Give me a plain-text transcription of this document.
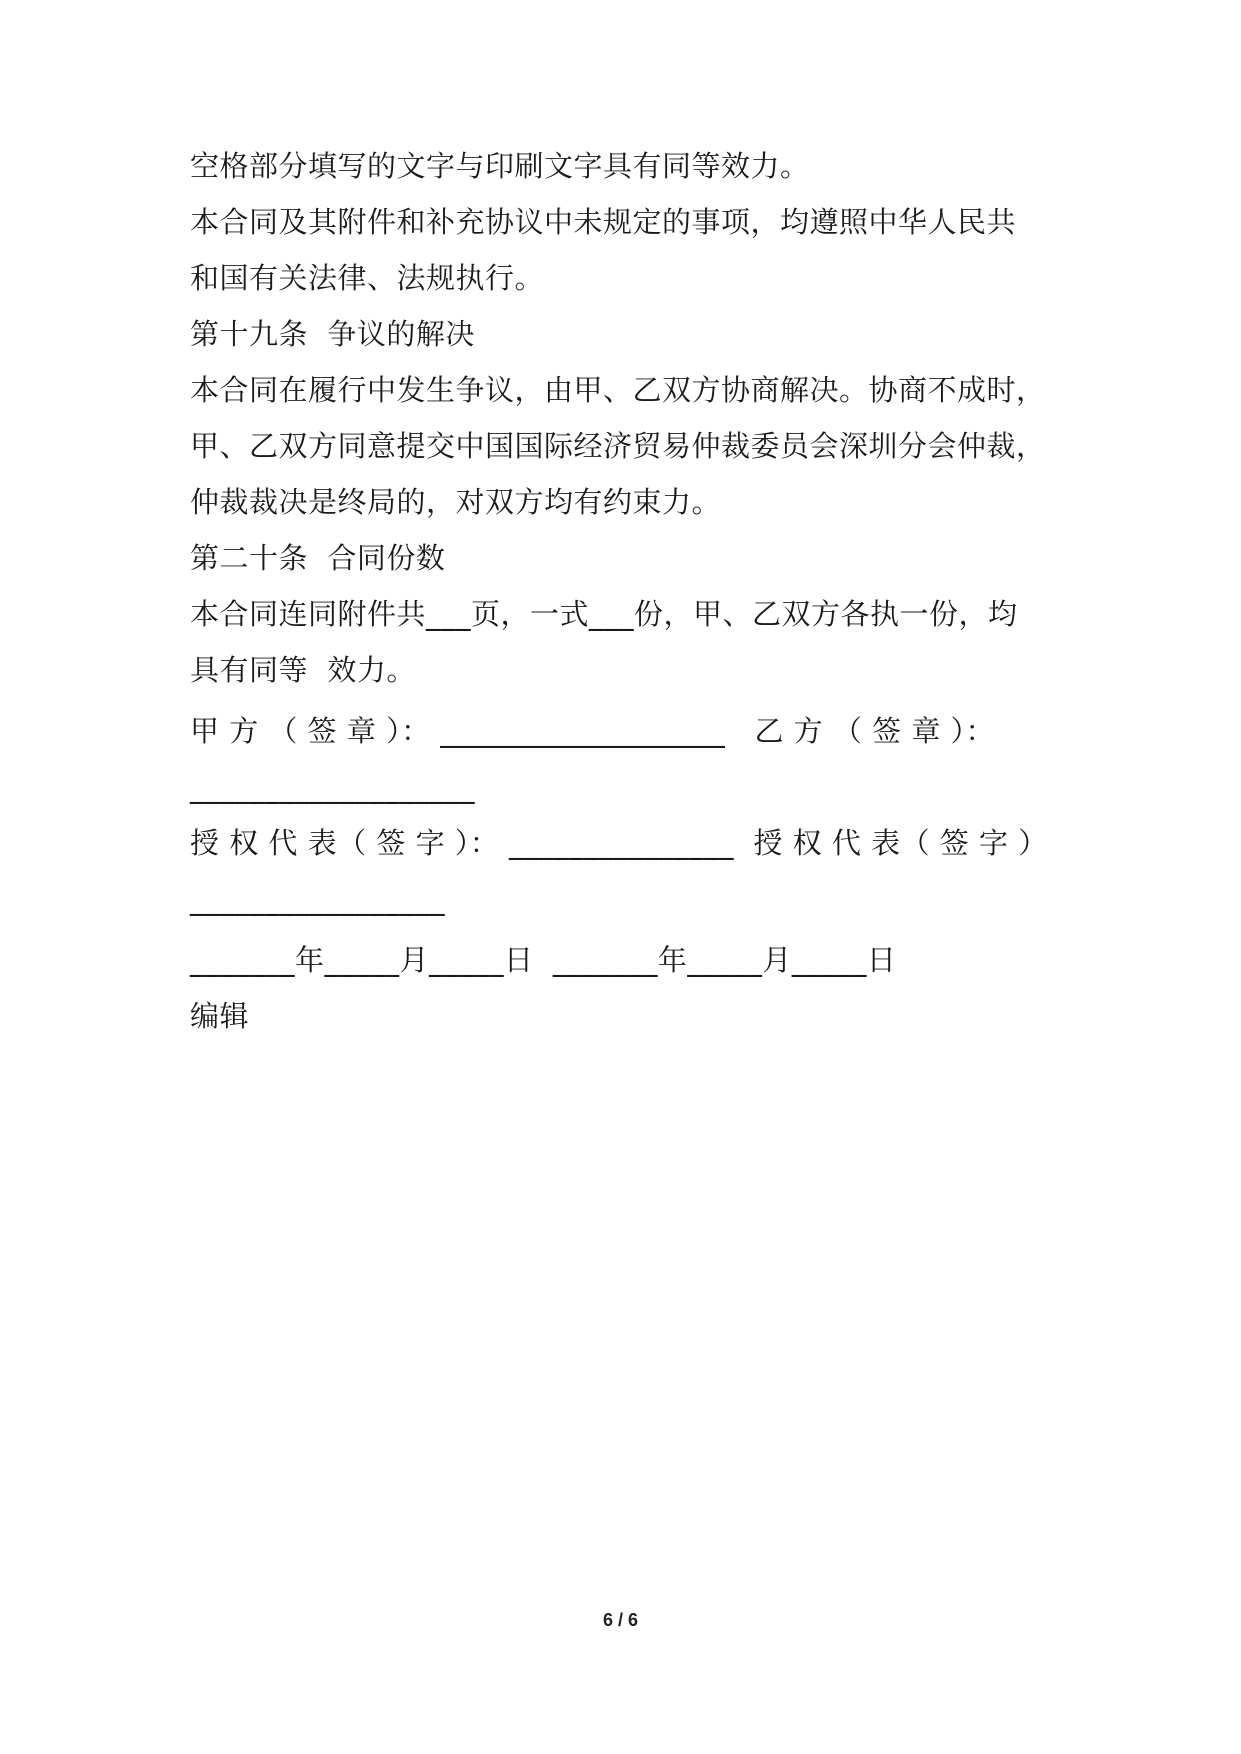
空格部分填写的文字与印刷文字具有同等效力。
本合同及其附件和补充协议中未规定的事项，均遵照中华人民共
和国有关法律、法规执行。
第十九条  争议的解决
本合同在履行中发生争议，由甲、乙双方协商解决。协商不成时，
甲、乙双方同意提交中国国际经济贸易仲裁委员会深圳分会仲裁，
仲裁裁决是终局的，对双方均有约束力。
第二十条  合同份数
本合同连同附件共___页，一式___份，甲、乙双方各执一份，均
具有同等  效力。
甲 方 （ 签 章 ）： ___________________   乙 方 （ 签 章 ）：
___________________
授 权 代 表（ 签 字 ）： _______________  授 权 代 表（ 签 字 ）
_________________
_______年_____月_____日  _______年_____月_____日
编辑
6 / 6
